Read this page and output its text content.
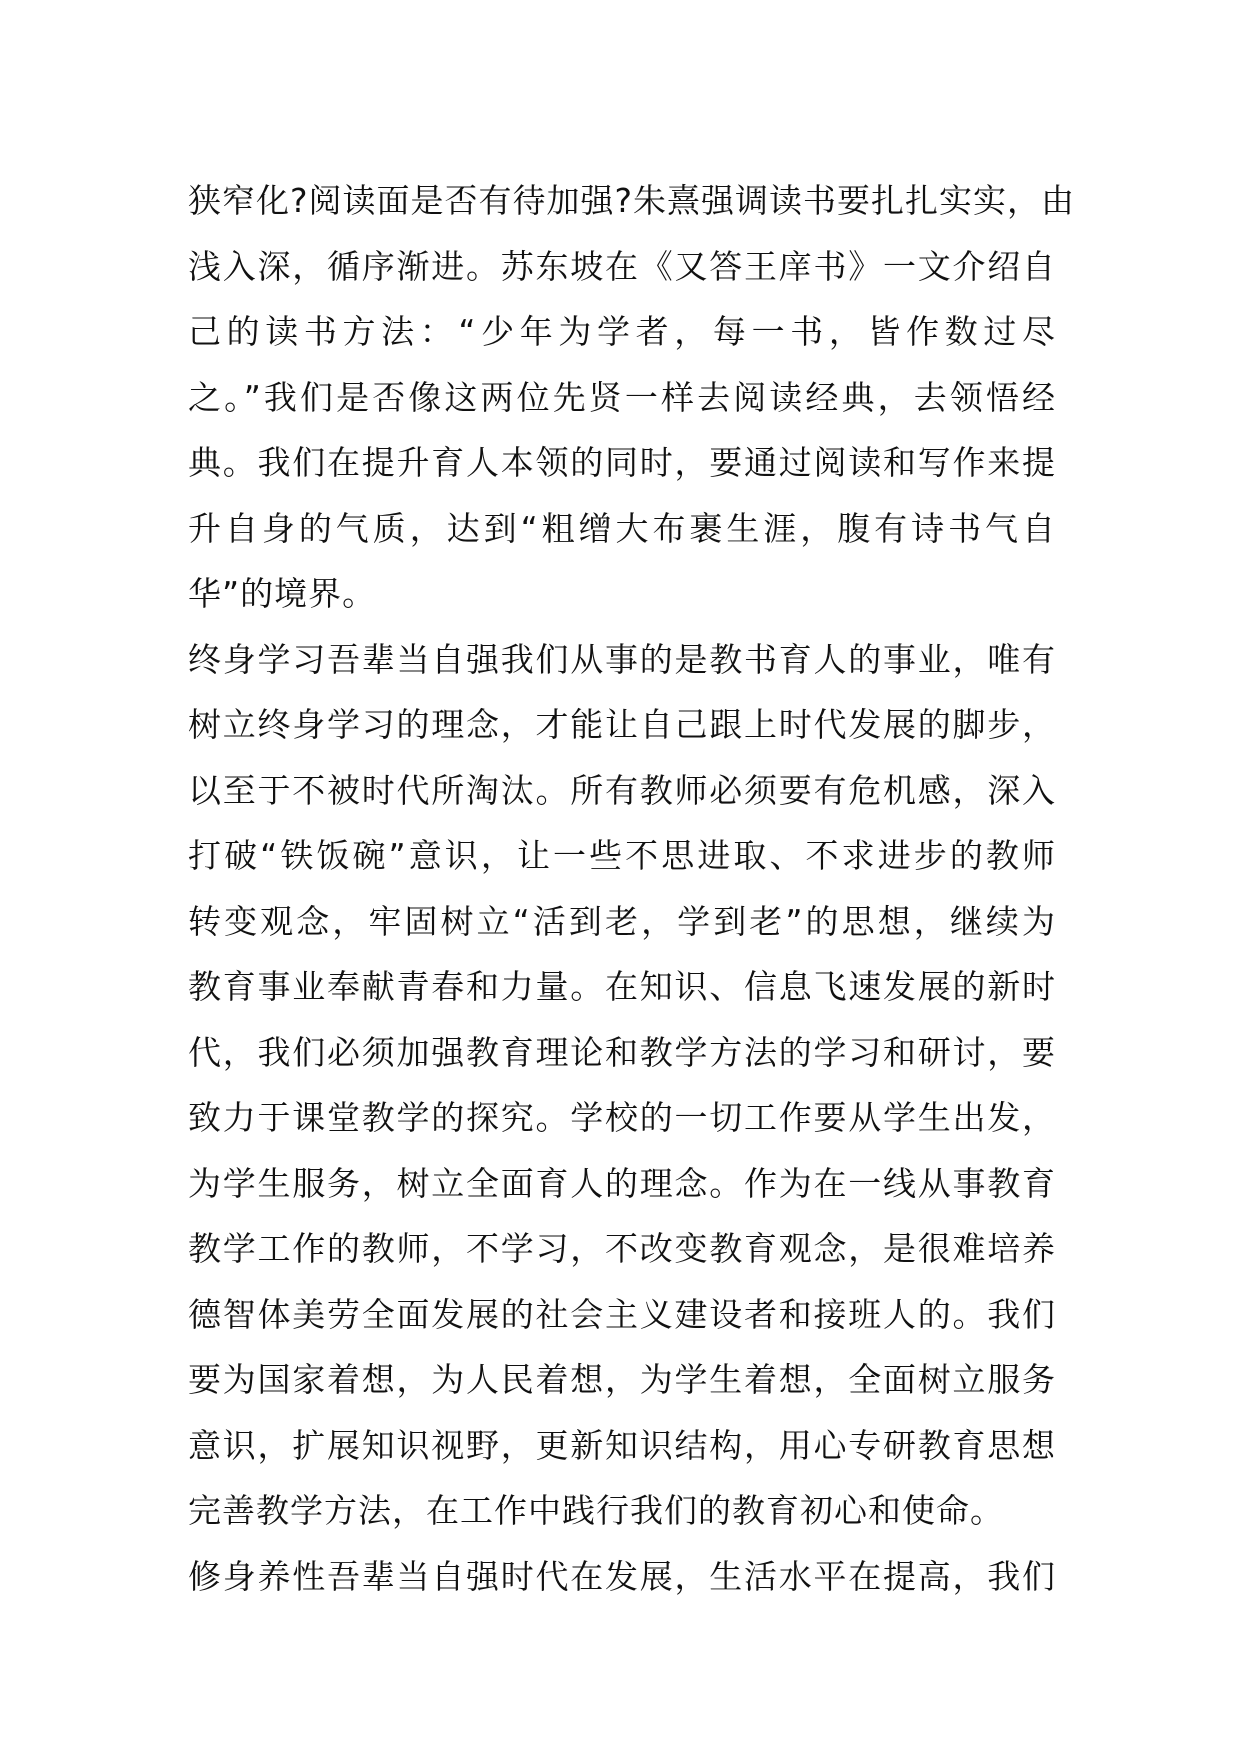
狭窄化?阅读面是否有待加强?朱熹强调读书要扎扎实实，由
浅入深，循序渐进。苏东坡在《又答王庠书》一文介绍自
己的读书方法：“少年为学者，每一书，皆作数过尽
之。”我们是否像这两位先贤一样去阅读经典，去领悟经
典。我们在提升育人本领的同时，要通过阅读和写作来提
升自身的气质，达到“粗缯大布裹生涯，腹有诗书气自
华”的境界。
终身学习吾辈当自强我们从事的是教书育人的事业，唯有
树立终身学习的理念，才能让自己跟上时代发展的脚步，
以至于不被时代所淘汰。所有教师必须要有危机感，深入
打破“铁饭碗”意识，让一些不思进取、不求进步的教师
转变观念，牢固树立“活到老，学到老”的思想，继续为
教育事业奉献青春和力量。在知识、信息飞速发展的新时
代，我们必须加强教育理论和教学方法的学习和研讨，要
致力于课堂教学的探究。学校的一切工作要从学生出发，
为学生服务，树立全面育人的理念。作为在一线从事教育
教学工作的教师，不学习，不改变教育观念，是很难培养
德智体美劳全面发展的社会主义建设者和接班人的。我们
要为国家着想，为人民着想，为学生着想，全面树立服务
意识，扩展知识视野，更新知识结构，用心专研教育思想
完善教学方法，在工作中践行我们的教育初心和使命。
修身养性吾辈当自强时代在发展，生活水平在提高，我们
